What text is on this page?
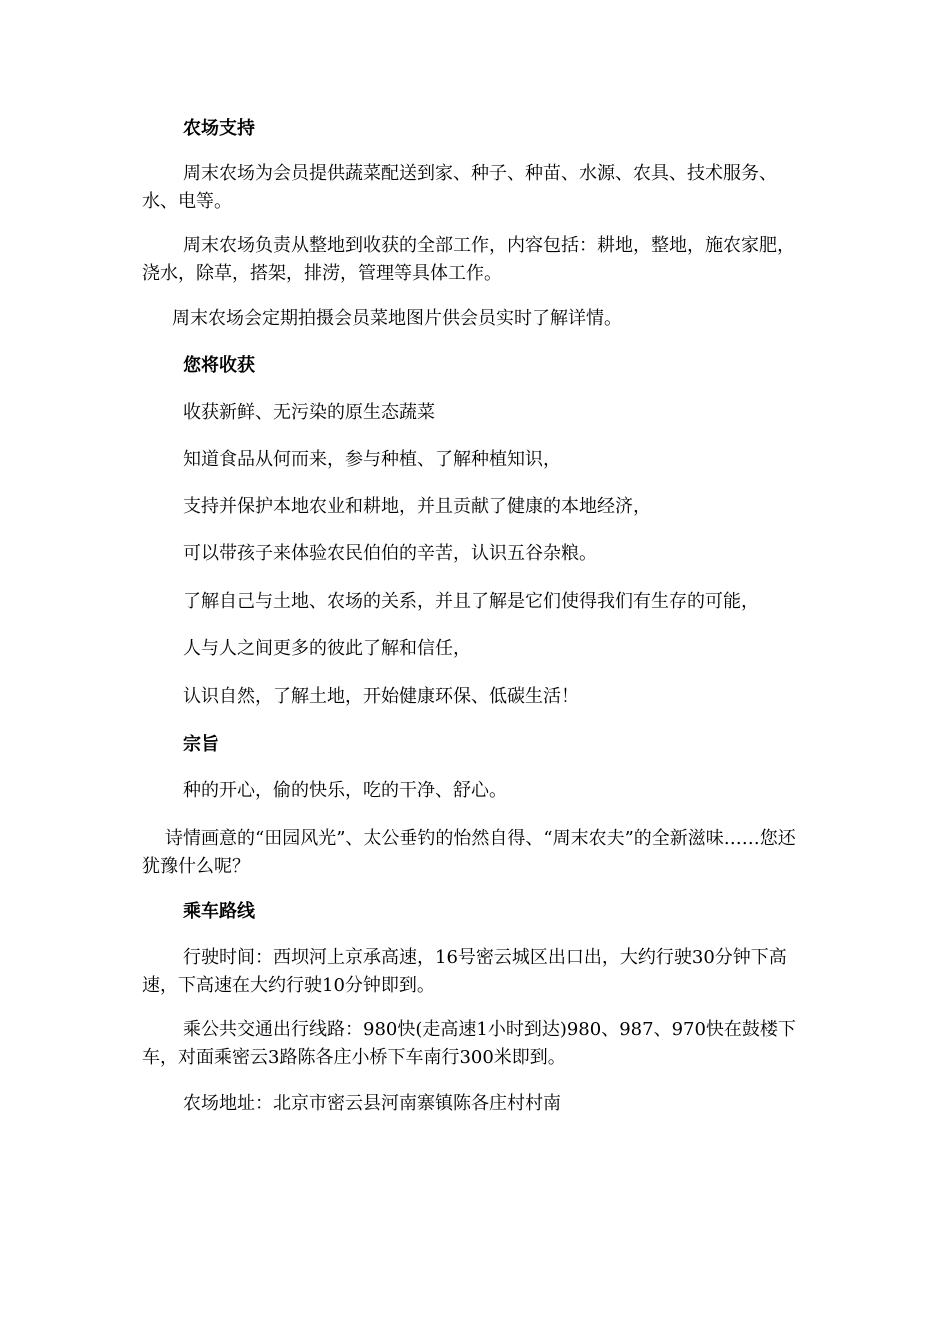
农场支持

周末农场为会员提供蔬菜配送到家、种子、种苗、水源、农具、技术服务、水、电等。

周末农场负责从整地到收获的全部工作，内容包括：耕地，整地，施农家肥，浇水，除草，搭架，排涝，管理等具体工作。

周末农场会定期拍摄会员菜地图片供会员实时了解详情。

您将收获

收获新鲜、无污染的原生态蔬菜

知道食品从何而来，参与种植、了解种植知识，

支持并保护本地农业和耕地，并且贡献了健康的本地经济，

可以带孩子来体验农民伯伯的辛苦，认识五谷杂粮。

了解自己与土地、农场的关系，并且了解是它们使得我们有生存的可能，

人与人之间更多的彼此了解和信任，

认识自然，了解土地，开始健康环保、低碳生活！

宗旨

种的开心，偷的快乐，吃的干净、舒心。

诗情画意的“田园风光”、太公垂钓的怡然自得、“周末农夫”的全新滋味……您还犹豫什么呢？

乘车路线

行驶时间：西坝河上京承高速，16号密云城区出口出，大约行驶30分钟下高速，下高速在大约行驶10分钟即到。

乘公共交通出行线路：980快(走高速1小时到达)980、987、970快在鼓楼下车，对面乘密云3路陈各庄小桥下车南行300米即到。

农场地址：北京市密云县河南寨镇陈各庄村村南
